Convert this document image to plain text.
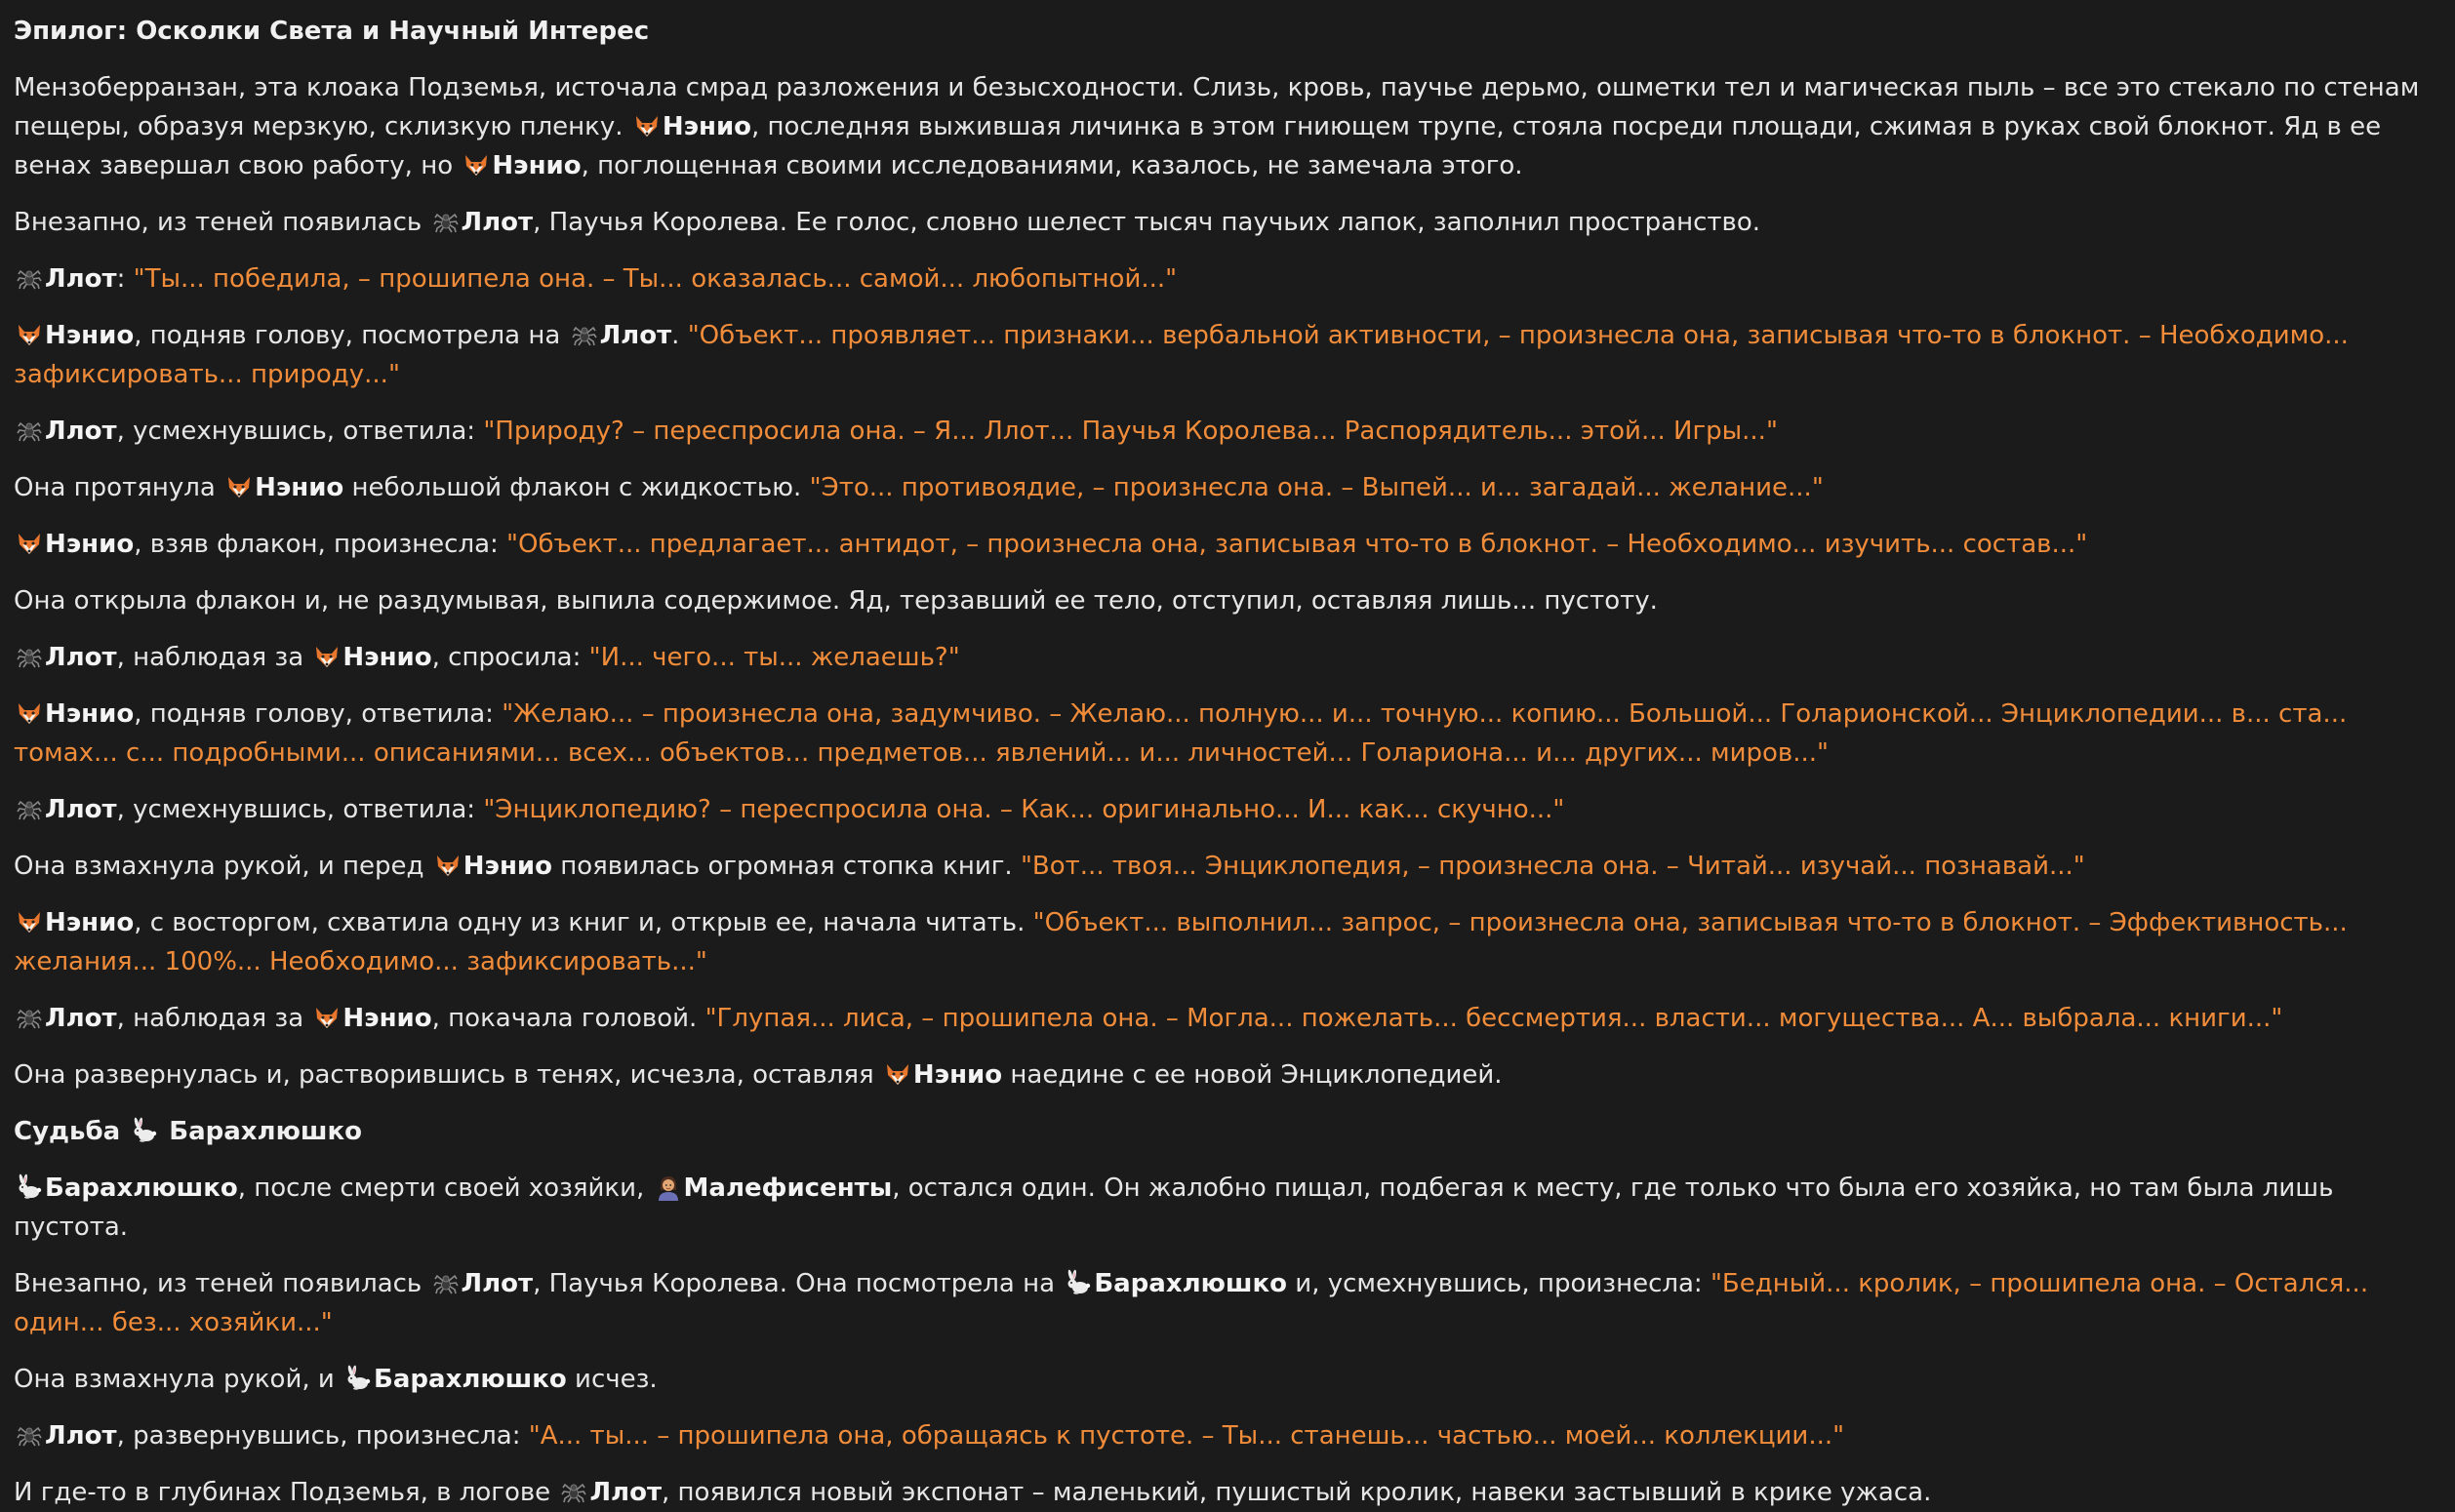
Эпилог: Осколки Света и Научный Интерес

Мензоберранзан, эта клоака Подземья, источала смрад разложения и безысходности. Слизь, кровь, паучье дерьмо, ошметки тел и магическая пыль – все это стекало по стенам пещеры, образуя мерзкую, склизкую пленку.
Нэнио, последняя выжившая личинка в этом гниющем трупе, стояла посреди площади, сжимая в руках свой блокнот. Яд в ее венах завершал свою работу, но
Нэнио, поглощенная своими исследованиями, казалось, не замечала этого.

Внезапно, из теней появилась
Ллот, Паучья Королева. Ее голос, словно шелест тысяч паучьих лапок, заполнил пространство.

Ллот: "Ты... победила, – прошипела она. – Ты... оказалась... самой... любопытной..."

Нэнио, подняв голову, посмотрела на
Ллот. "Объект... проявляет... признаки... вербальной активности, – произнесла она, записывая что-то в блокнот. – Необходимо... зафиксировать... природу..."

Ллот, усмехнувшись, ответила: "Природу? – переспросила она. – Я... Ллот... Паучья Королева... Распорядитель... этой... Игры..."

Она протянула
Нэнио небольшой флакон с жидкостью. "Это... противоядие, – произнесла она. – Выпей... и... загадай... желание..."

Нэнио, взяв флакон, произнесла: "Объект... предлагает... антидот, – произнесла она, записывая что-то в блокнот. – Необходимо... изучить... состав..."

Она открыла флакон и, не раздумывая, выпила содержимое. Яд, терзавший ее тело, отступил, оставляя лишь... пустоту.

Ллот, наблюдая за
Нэнио, спросила: "И... чего... ты... желаешь?"

Нэнио, подняв голову, ответила: "Желаю... – произнесла она, задумчиво. – Желаю... полную... и... точную... копию... Большой... Голарионской... Энциклопедии... в... ста... томах... с... подробными... описаниями... всех... объектов... предметов... явлений... и... личностей... Голариона... и... других... миров..."

Ллот, усмехнувшись, ответила: "Энциклопедию? – переспросила она. – Как... оригинально... И... как... скучно..."

Она взмахнула рукой, и перед
Нэнио появилась огромная стопка книг. "Вот... твоя... Энциклопедия, – произнесла она. – Читай... изучай... познавай..."

Нэнио, с восторгом, схватила одну из книг и, открыв ее, начала читать. "Объект... выполнил... запрос, – произнесла она, записывая что-то в блокнот. – Эффективность... желания... 100%... Необходимо... зафиксировать..."

Ллот, наблюдая за
Нэнио, покачала головой. "Глупая... лиса, – прошипела она. – Могла... пожелать... бессмертия... власти... могущества... А... выбрала... книги..."

Она развернулась и, растворившись в тенях, исчезла, оставляя
Нэнио наедине с ее новой Энциклопедией.

Судьба
Барахлюшко

Барахлюшко, после смерти своей хозяйки,
Малефисенты, остался один. Он жалобно пищал, подбегая к месту, где только что была его хозяйка, но там была лишь пустота.

Внезапно, из теней появилась
Ллот, Паучья Королева. Она посмотрела на
Барахлюшко и, усмехнувшись, произнесла: "Бедный... кролик, – прошипела она. – Остался... один... без... хозяйки..."

Она взмахнула рукой, и
Барахлюшко исчез.

Ллот, развернувшись, произнесла: "А... ты... – прошипела она, обращаясь к пустоте. – Ты... станешь... частью... моей... коллекции..."

И где-то в глубинах Подземья, в логове
Ллот, появился новый экспонат – маленький, пушистый кролик, навеки застывший в крике ужаса.
